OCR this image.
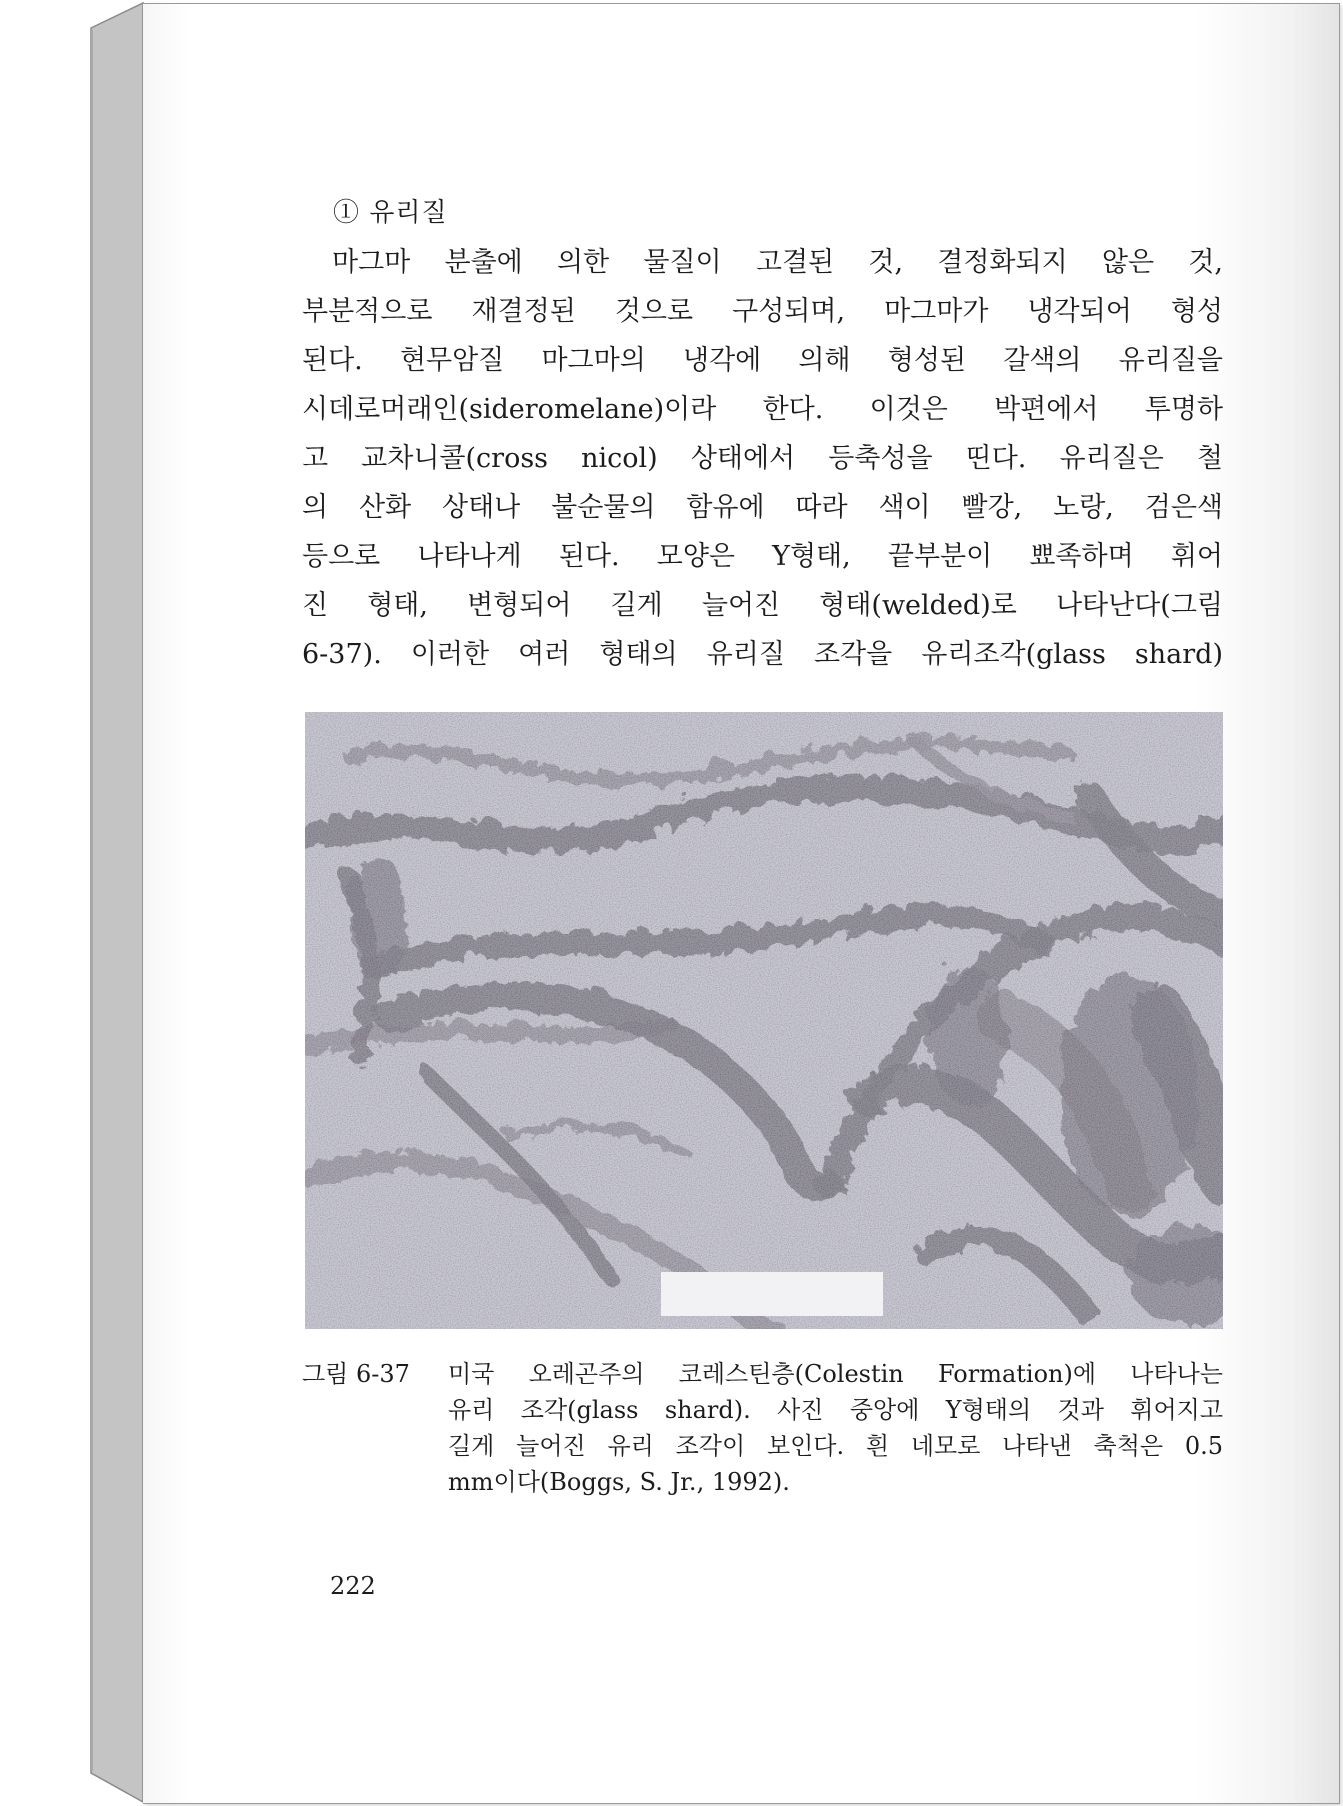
① 유리질
마그마 분출에 의한 물질이 고결된 것, 결정화되지 않은 것,
부분적으로 재결정된 것으로 구성되며, 마그마가 냉각되어 형성
된다. 현무암질 마그마의 냉각에 의해 형성된 갈색의 유리질을
시데로머래인(sideromelane)이라 한다. 이것은 박편에서 투명하
고 교차니콜(cross nicol) 상태에서 등축성을 띤다. 유리질은 철
의 산화 상태나 불순물의 함유에 따라 색이 빨강, 노랑, 검은색
등으로 나타나게 된다. 모양은 Y형태, 끝부분이 뾰족하며 휘어
진 형태, 변형되어 길게 늘어진 형태(welded)로 나타난다(그림
6-37). 이러한 여러 형태의 유리질 조각을 유리조각(glass shard)
그림 6-37 미국 오레곤주의 코레스틴층(Colestin Formation)에 나타나는
유리 조각(glass shard). 사진 중앙에 Y형태의 것과 휘어지고
길게 늘어진 유리 조각이 보인다. 흰 네모로 나타낸 축척은 0.5
mm이다(Boggs, S. Jr., 1992).
222
